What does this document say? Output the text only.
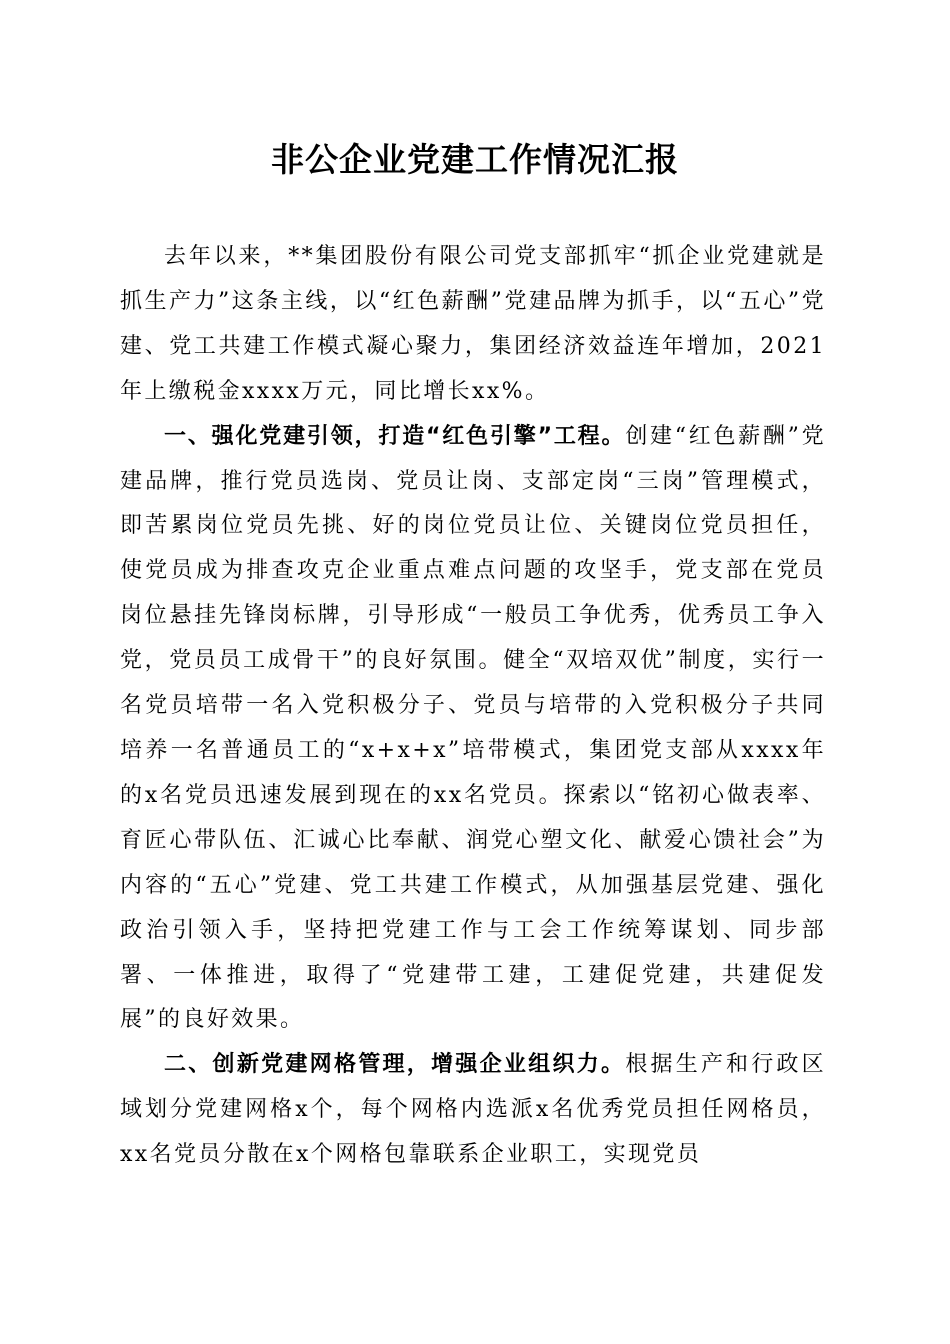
非公企业党建工作情况汇报

去年以来，**集团股份有限公司党支部抓牢“抓企业党建就是抓生产力”这条主线，以“红色薪酬”党建品牌为抓手，以“五心”党建、党工共建工作模式凝心聚力，集团经济效益连年增加，2021年上缴税金xxxx万元，同比增长xx%。

一、强化党建引领，打造“红色引擎”工程。创建“红色薪酬”党建品牌，推行党员选岗、党员让岗、支部定岗“三岗”管理模式，即苦累岗位党员先挑、好的岗位党员让位、关键岗位党员担任，使党员成为排查攻克企业重点难点问题的攻坚手，党支部在党员岗位悬挂先锋岗标牌，引导形成“一般员工争优秀，优秀员工争入党，党员员工成骨干”的良好氛围。健全“双培双优”制度，实行一名党员培带一名入党积极分子、党员与培带的入党积极分子共同培养一名普通员工的“x+x+x”培带模式，集团党支部从xxxx年的x名党员迅速发展到现在的xx名党员。探索以“铭初心做表率、育匠心带队伍、汇诚心比奉献、润党心塑文化、献爱心馈社会”为内容的“五心”党建、党工共建工作模式，从加强基层党建、强化政治引领入手，坚持把党建工作与工会工作统筹谋划、同步部署、一体推进，取得了“党建带工建，工建促党建，共建促发展”的良好效果。

二、创新党建网格管理，增强企业组织力。根据生产和行政区域划分党建网格x个，每个网格内选派x名优秀党员担任网格员，xx名党员分散在x个网格包靠联系企业职工，实现党员
